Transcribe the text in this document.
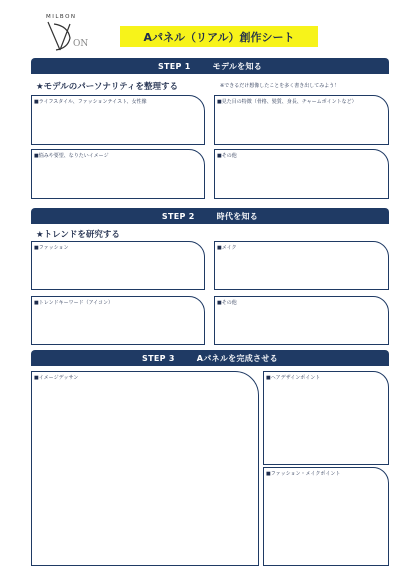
MILBON
ON
Aパネル（リアル）創作シート
STEP 1	モデルを知る
★モデルのパーソナリティを整理する	※できるだけ想像したことを多く書き出してみよう！
■ライフスタイル、ファッションテイスト、女性像	■見た目の特徴（骨格、髪質、身長、チャームポイントなど）
■悩みや要望、なりたいイメージ	■その他
STEP 2	時代を知る
★トレンドを研究する
■ファッション	■メイク
■トレンドキーワード（アイコン）	■その他
STEP 3	Aパネルを完成させる
■イメージデッサン	■ヘアデザインポイント
■ファッション・メイクポイント
